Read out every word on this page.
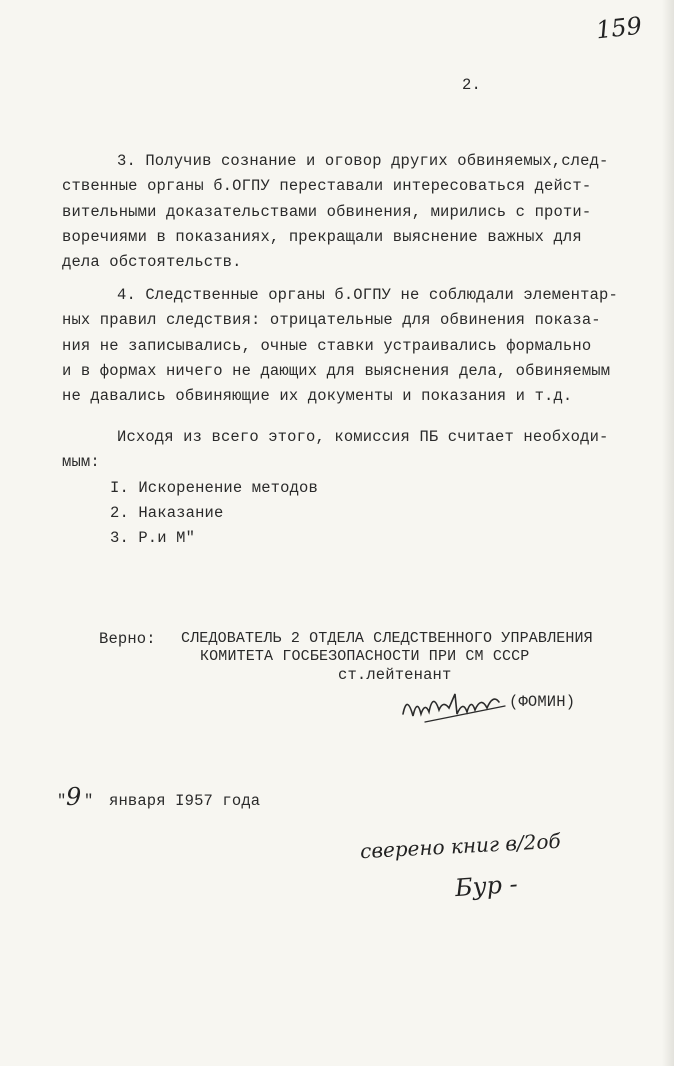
159
2.
3. Получив сознание и оговор других обвиняемых,след-
ственные органы б.ОГПУ переставали интересоваться дейст-
вительными доказательствами обвинения, мирились с проти-
воречиями в показаниях, прекращали выяснение важных для
дела обстоятельств.
4. Следственные органы б.ОГПУ не соблюдали элементар-
ных правил следствия: отрицательные для обвинения показа-
ния не записывались, очные ставки устраивались формально
и в формах ничего не дающих для выяснения дела, обвиняемым
не давались обвиняющие их документы и показания и т.д.
Исходя из всего этого, комиссия ПБ считает необходи-
мым:
I. Искоренение методов
2. Наказание
3. Р.и М"
Верно: СЛЕДОВАТЕЛЬ 2 ОТДЕЛА СЛЕДСТВЕННОГО УПРАВЛЕНИЯ
КОМИТЕТА ГОСБЕЗОПАСНОСТИ ПРИ СМ СССР
ст.лейтенант
(ФОМИН)
" 9 " января I957 года
сверено книг в/2об
Бур -
